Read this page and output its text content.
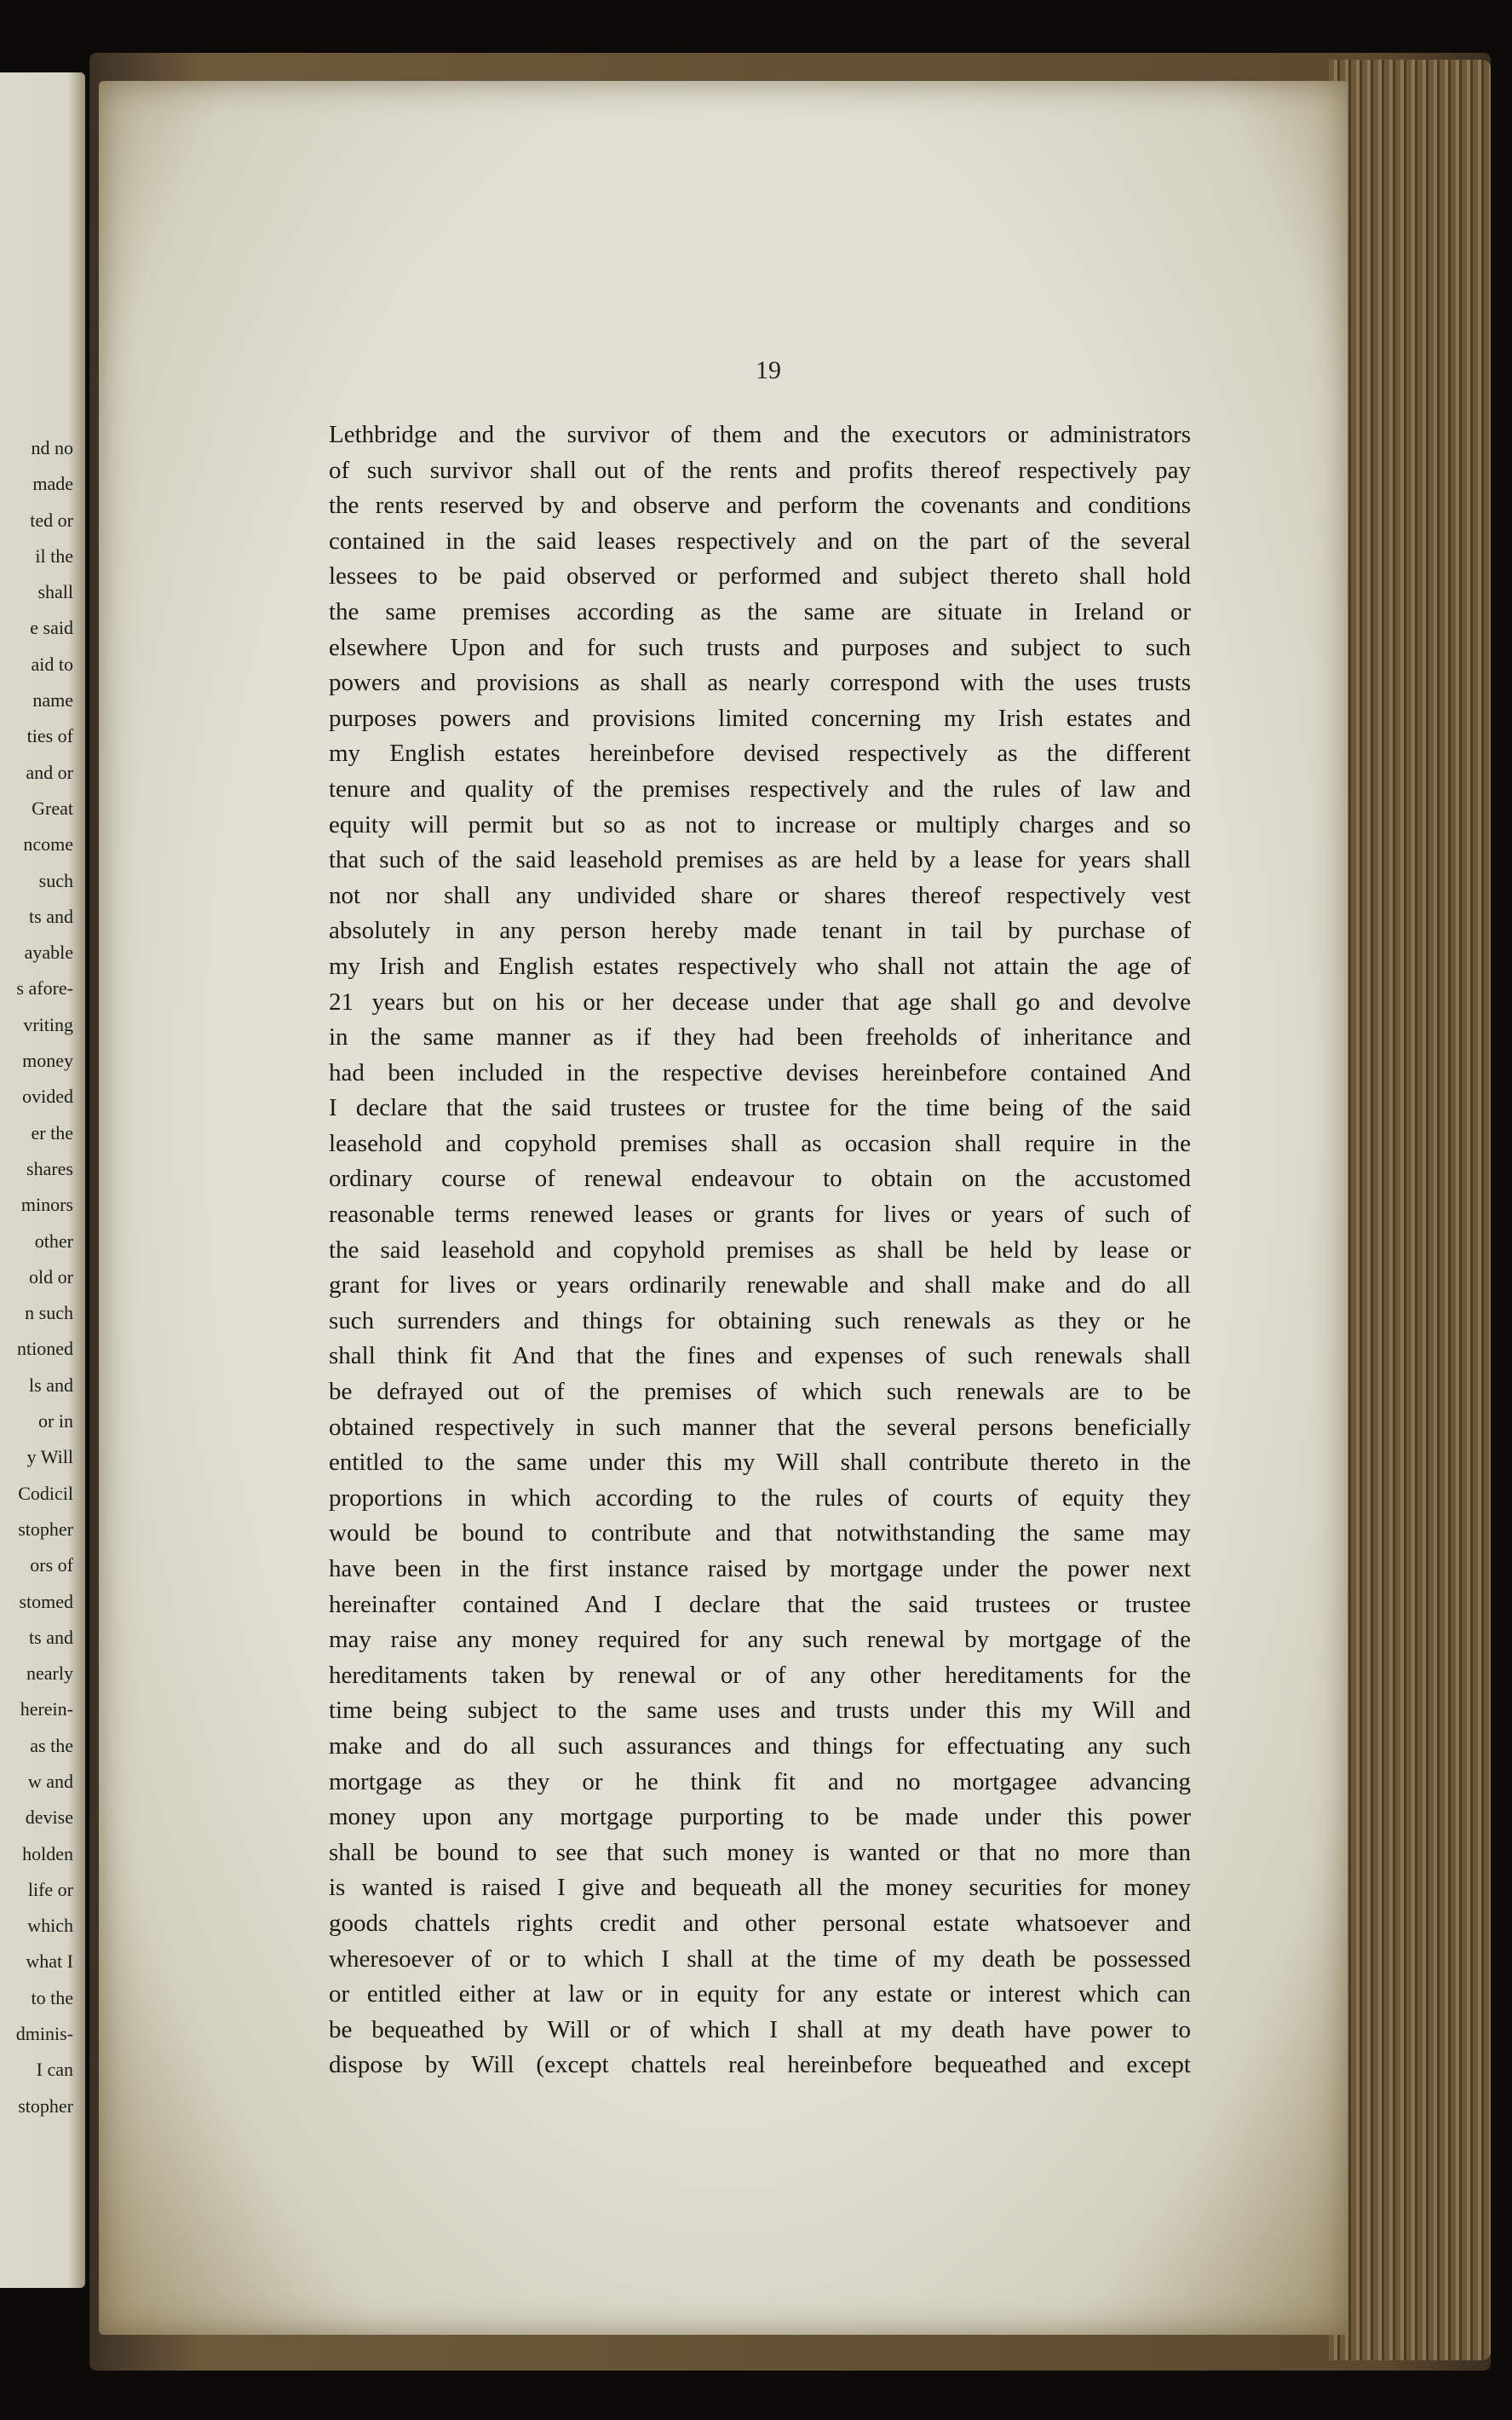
nd no
made
ted or
il the
shall
e said
aid to
name
ties of
and or
Great
ncome
such
ts and
ayable
s afore-
vriting
money
ovided
er the
shares
minors
other
old or
n such
ntioned
ls and
or in
y Will
Codicil
stopher
ors of
stomed
ts and
nearly
herein-
as the
w and
devise
holden
life or
which
what I
to the
dminis-
I can
stopher
19
Lethbridge and the survivor of them and the executors or administrators
of such survivor shall out of the rents and profits thereof respectively pay
the rents reserved by and observe and perform the covenants and conditions
contained in the said leases respectively and on the part of the several
lessees to be paid observed or performed and subject thereto shall hold
the same premises according as the same are situate in Ireland or
elsewhere Upon and for such trusts and purposes and subject to such
powers and provisions as shall as nearly correspond with the uses trusts
purposes powers and provisions limited concerning my Irish estates and
my English estates hereinbefore devised respectively as the different
tenure and quality of the premises respectively and the rules of law and
equity will permit but so as not to increase or multiply charges and so
that such of the said leasehold premises as are held by a lease for years shall
not nor shall any undivided share or shares thereof respectively vest
absolutely in any person hereby made tenant in tail by purchase of
my Irish and English estates respectively who shall not attain the age of
21 years but on his or her decease under that age shall go and devolve
in the same manner as if they had been freeholds of inheritance and
had been included in the respective devises hereinbefore contained And
I declare that the said trustees or trustee for the time being of the said
leasehold and copyhold premises shall as occasion shall require in the
ordinary course of renewal endeavour to obtain on the accustomed
reasonable terms renewed leases or grants for lives or years of such of
the said leasehold and copyhold premises as shall be held by lease or
grant for lives or years ordinarily renewable and shall make and do all
such surrenders and things for obtaining such renewals as they or he
shall think fit And that the fines and expenses of such renewals shall
be defrayed out of the premises of which such renewals are to be
obtained respectively in such manner that the several persons beneficially
entitled to the same under this my Will shall contribute thereto in the
proportions in which according to the rules of courts of equity they
would be bound to contribute and that notwithstanding the same may
have been in the first instance raised by mortgage under the power next
hereinafter contained And I declare that the said trustees or trustee
may raise any money required for any such renewal by mortgage of the
hereditaments taken by renewal or of any other hereditaments for the
time being subject to the same uses and trusts under this my Will and
make and do all such assurances and things for effectuating any such
mortgage as they or he think fit and no mortgagee advancing
money upon any mortgage purporting to be made under this power
shall be bound to see that such money is wanted or that no more than
is wanted is raised I give and bequeath all the money securities for money
goods chattels rights credit and other personal estate whatsoever and
wheresoever of or to which I shall at the time of my death be possessed
or entitled either at law or in equity for any estate or interest which can
be bequeathed by Will or of which I shall at my death have power to
dispose by Will (except chattels real hereinbefore bequeathed and except
